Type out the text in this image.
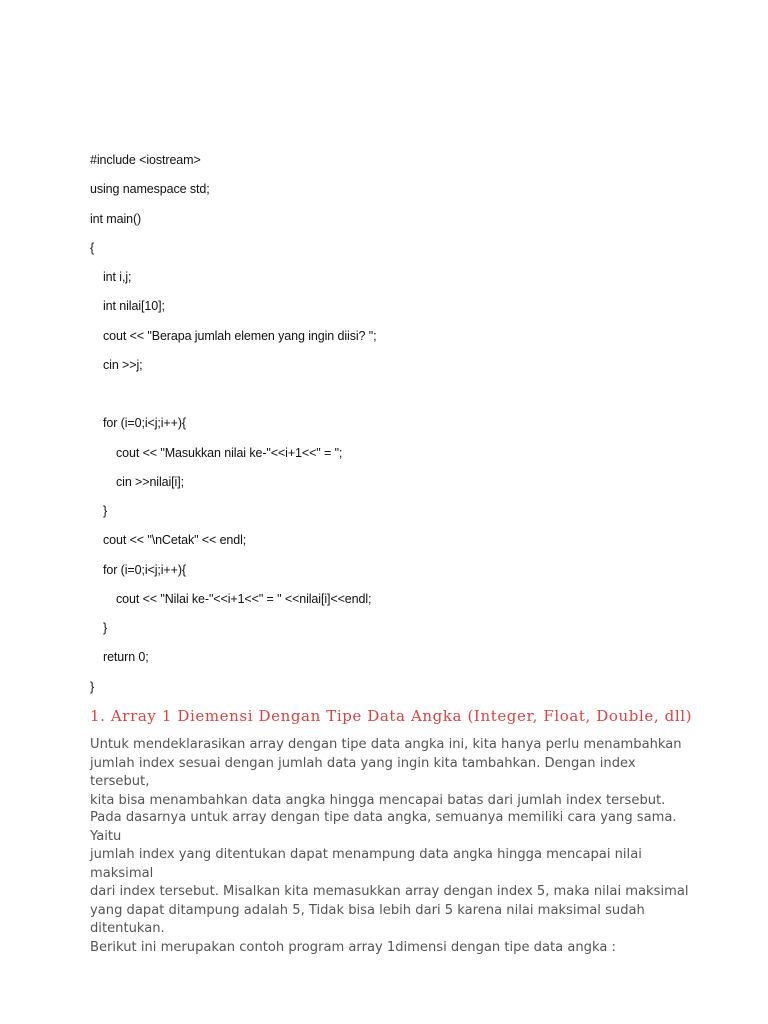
#include <iostream>
using namespace std;
int main()
{
int i,j;
int nilai[10];
cout << "Berapa jumlah elemen yang ingin diisi? ";
cin >>j;
for (i=0;i<j;i++){
cout << "Masukkan nilai ke-"<<i+1<<" = ";
cin >>nilai[i];
}
cout << "\nCetak" << endl;
for (i=0;i<j;i++){
cout << "Nilai ke-"<<i+1<<" = " <<nilai[i]<<endl;
}
return 0;
}
1. Array 1 Diemensi Dengan Tipe Data Angka (Integer, Float, Double, dll)

Untuk mendeklarasikan array dengan tipe data angka ini, kita hanya perlu menambahkan
jumlah index sesuai dengan jumlah data yang ingin kita tambahkan. Dengan index tersebut,
kita bisa menambahkan data angka hingga mencapai batas dari jumlah index tersebut.

Pada dasarnya untuk array dengan tipe data angka, semuanya memiliki cara yang sama. Yaitu
jumlah index yang ditentukan dapat menampung data angka hingga mencapai nilai maksimal
dari index tersebut. Misalkan kita memasukkan array dengan index 5, maka nilai maksimal
yang dapat ditampung adalah 5, Tidak bisa lebih dari 5 karena nilai maksimal sudah ditentukan.
Berikut ini merupakan contoh program array 1dimensi dengan tipe data angka :
